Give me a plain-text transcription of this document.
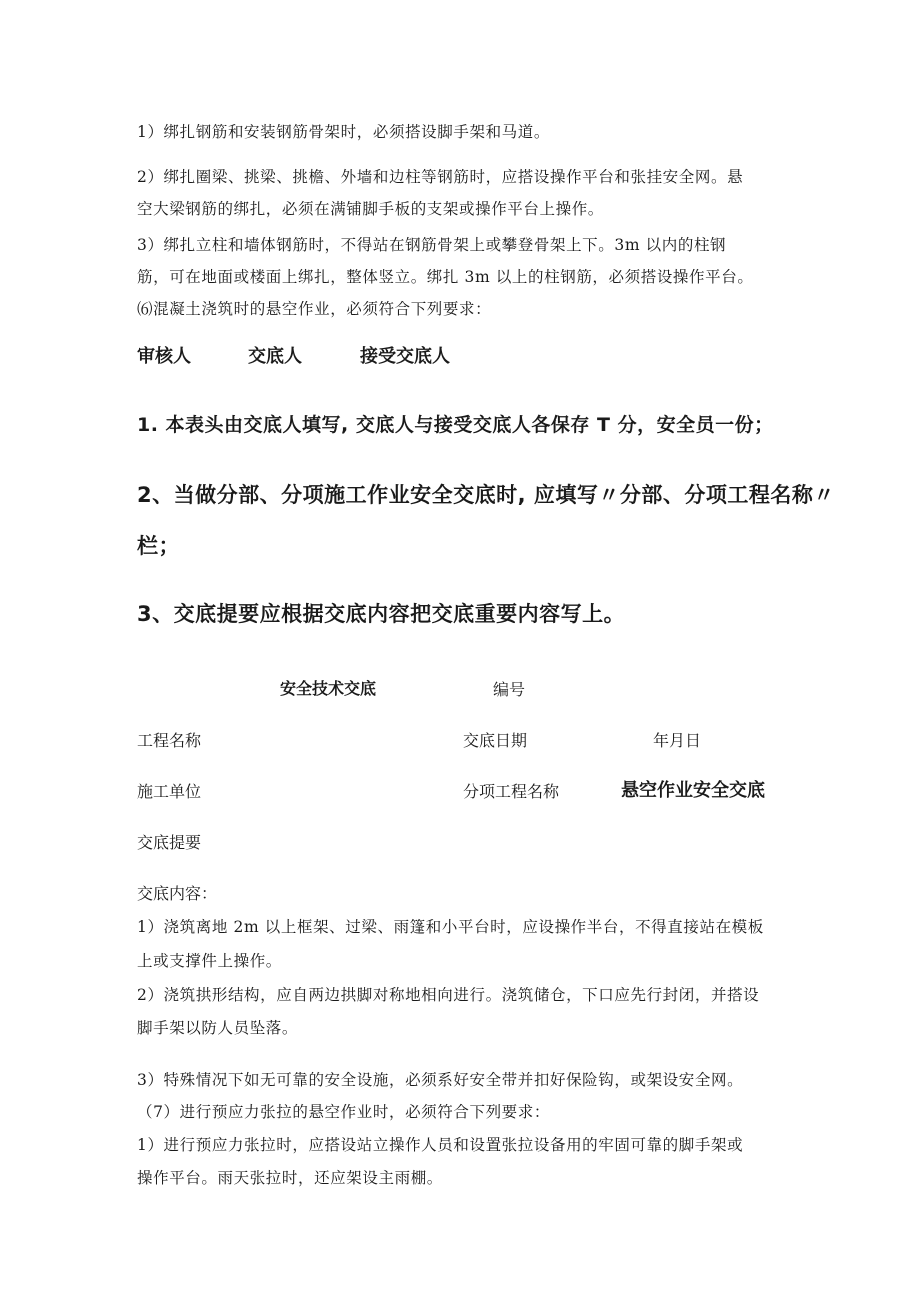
1）绑扎钢筋和安装钢筋骨架时，必须搭设脚手架和马道。
2）绑扎圈梁、挑梁、挑檐、外墙和边柱等钢筋时，应搭设操作平台和张挂安全网。悬
空大梁钢筋的绑扎，必须在满铺脚手板的支架或操作平台上操作。
3）绑扎立柱和墙体钢筋时，不得站在钢筋骨架上或攀登骨架上下。3m 以内的柱钢
筋，可在地面或楼面上绑扎，整体竖立。绑扎 3m 以上的柱钢筋，必须搭设操作平台。
⑹混凝土浇筑时的悬空作业，必须符合下列要求：
审核人	交底人	接受交底人
1. 本表头由交底人填写, 交底人与接受交底人各保存 T 分，安全员一份；
2、当做分部、分项施工作业安全交底时, 应填写〃分部、分项工程名称〃
栏；
3、交底提要应根据交底内容把交底重要内容写上。
安全技术交底	编号
工程名称	交底日期	年月日
施工单位	分项工程名称	悬空作业安全交底
交底提要
交底内容：
1）浇筑离地 2m 以上框架、过梁、雨篷和小平台时，应设操作半台，不得直接站在模板
上或支撑件上操作。
2）浇筑拱形结构，应自两边拱脚对称地相向进行。浇筑储仓，下口应先行封闭，并搭设
脚手架以防人员坠落。
3）特殊情况下如无可靠的安全设施，必须系好安全带并扣好保险钩，或架设安全网。
（7）进行预应力张拉的悬空作业时，必须符合下列要求：
1）进行预应力张拉时，应搭设站立操作人员和设置张拉设备用的牢固可靠的脚手架或
操作平台。雨天张拉时，还应架设主雨棚。
